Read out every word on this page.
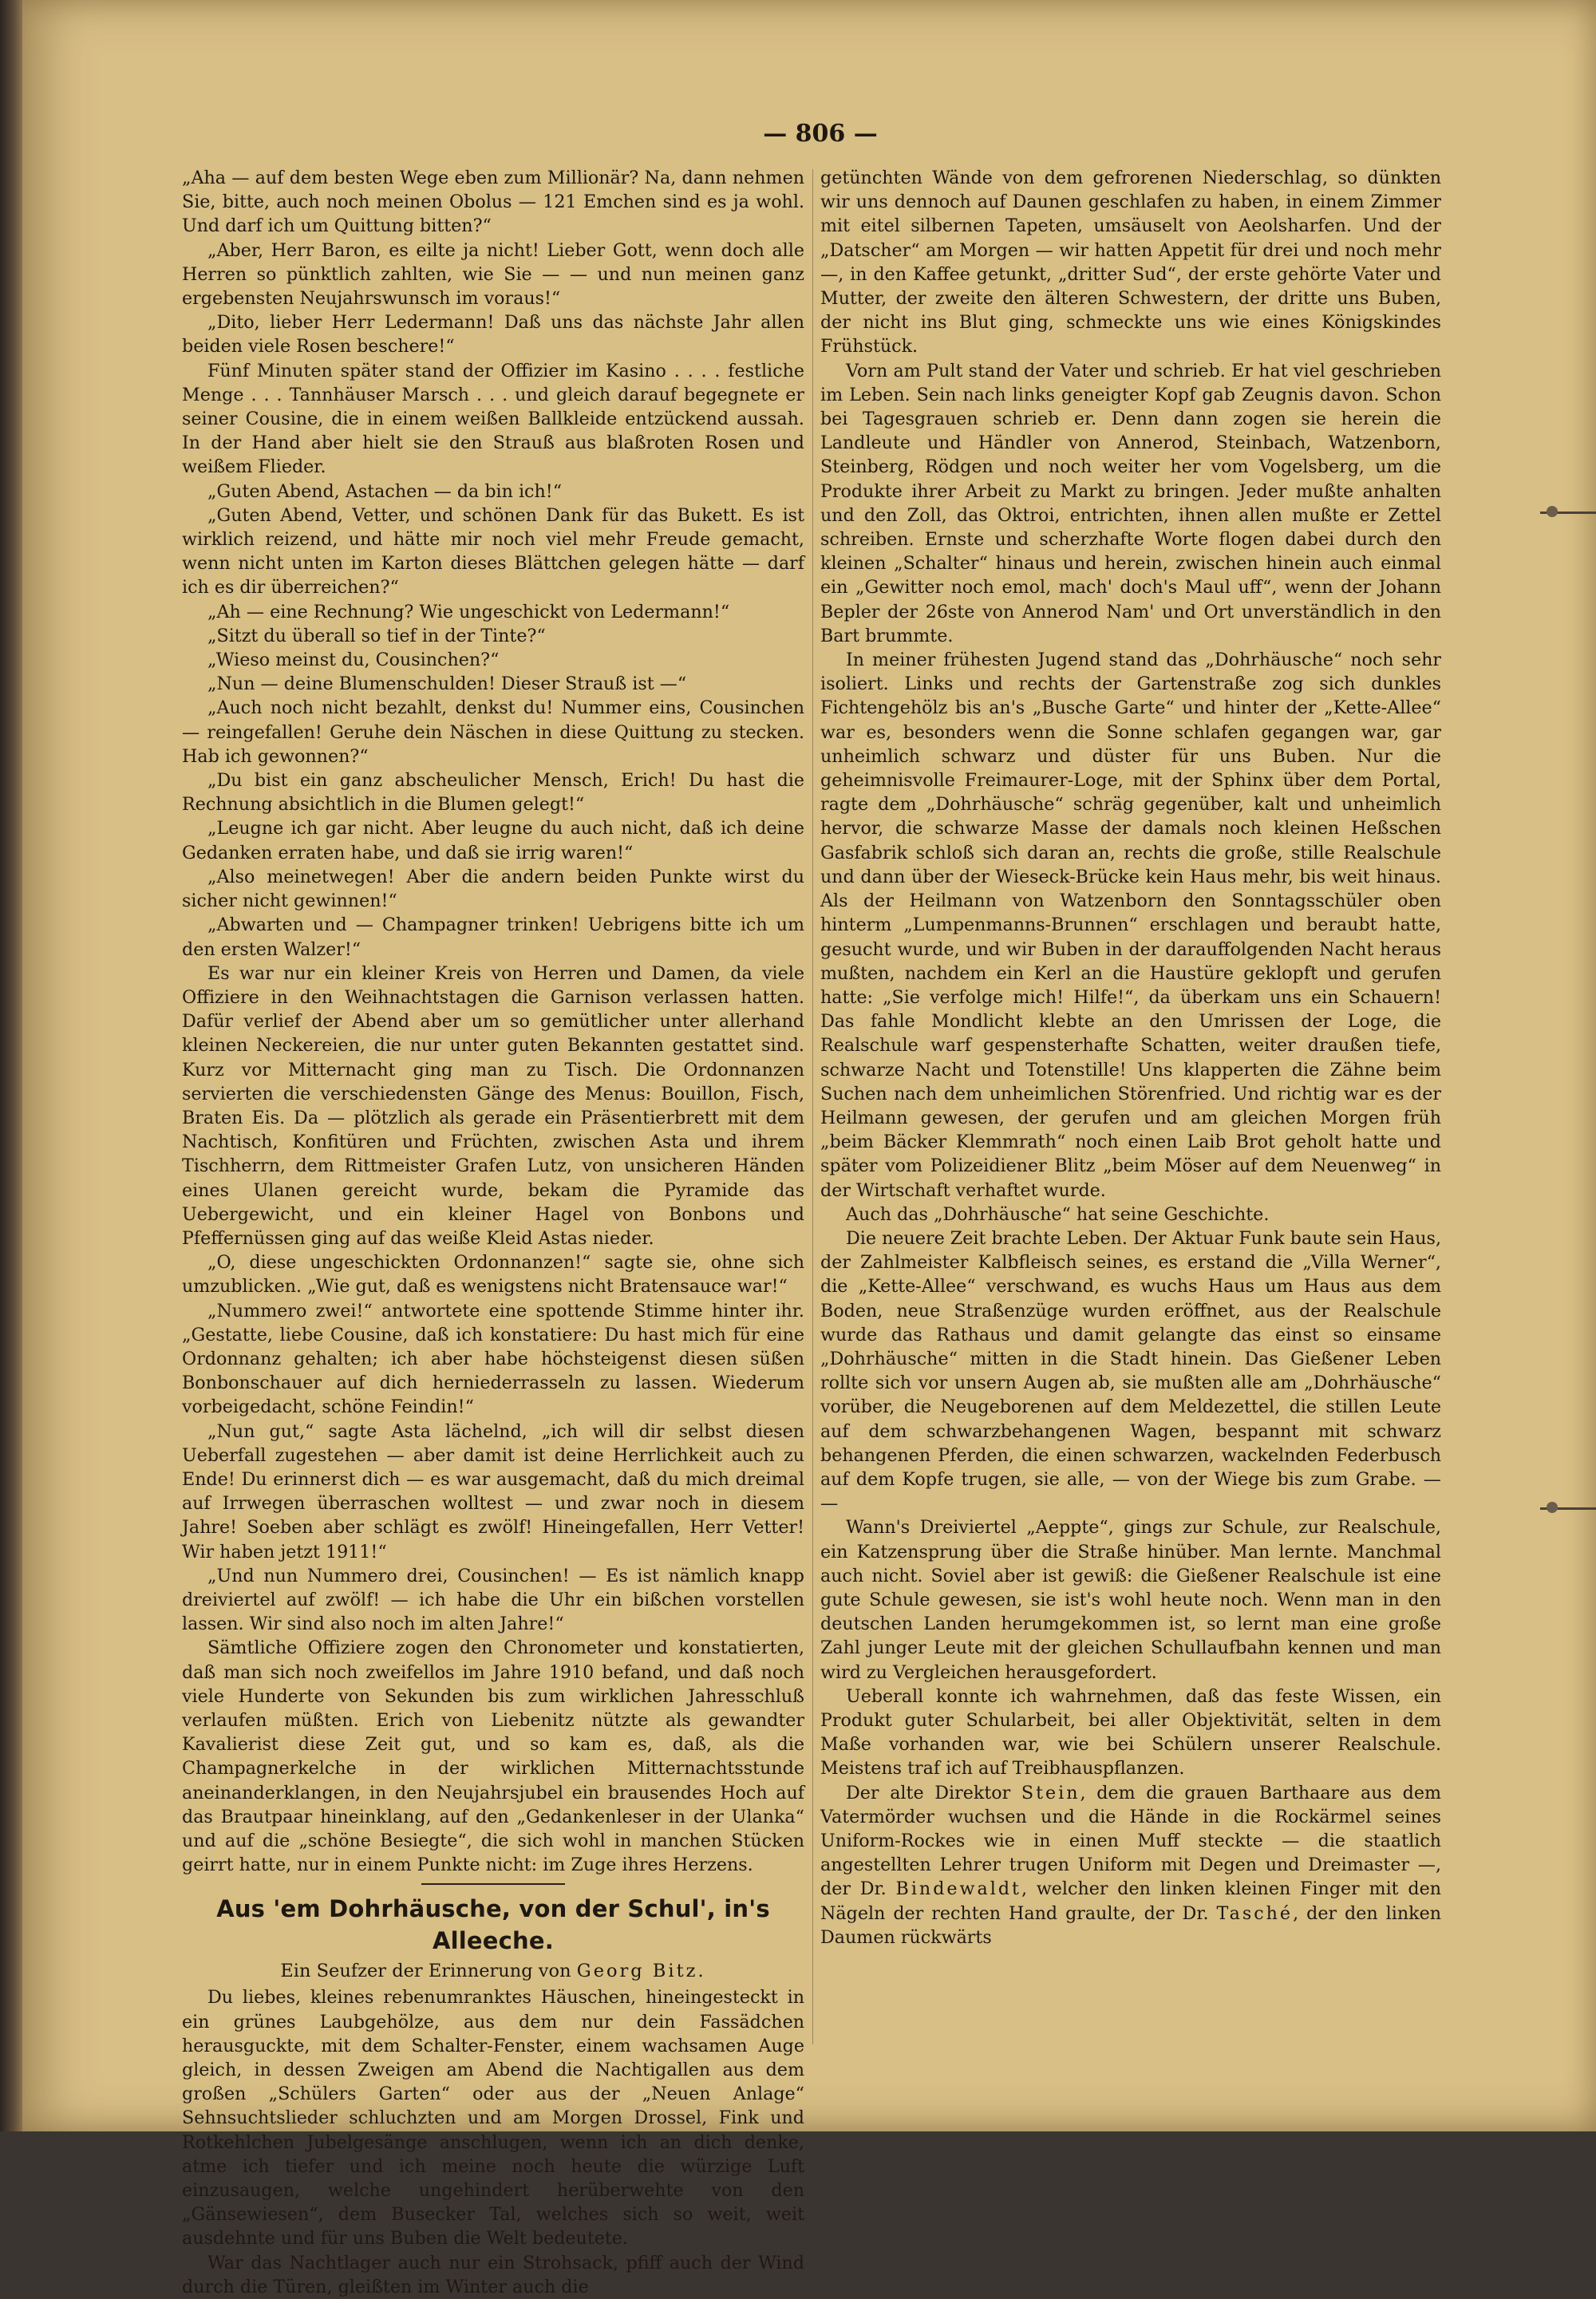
— 806 —

„Aha — auf dem besten Wege eben zum Millionär? Na, dann nehmen Sie, bitte, auch noch meinen Obolus — 121 Emchen sind es ja wohl. Und darf ich um Quittung bitten?“

„Aber, Herr Baron, es eilte ja nicht! Lieber Gott, wenn doch alle Herren so pünktlich zahlten, wie Sie — — und nun meinen ganz ergebensten Neujahrswunsch im voraus!“

„Dito, lieber Herr Ledermann! Daß uns das nächste Jahr allen beiden viele Rosen beschere!“

Fünf Minuten später stand der Offizier im Kasino . . . . festliche Menge . . . Tannhäuser Marsch . . . und gleich darauf begegnete er seiner Cousine, die in einem weißen Ballkleide entzückend aussah. In der Hand aber hielt sie den Strauß aus blaßroten Rosen und weißem Flieder.

„Guten Abend, Astachen — da bin ich!“

„Guten Abend, Vetter, und schönen Dank für das Bukett. Es ist wirklich reizend, und hätte mir noch viel mehr Freude gemacht, wenn nicht unten im Karton dieses Blättchen gelegen hätte — darf ich es dir überreichen?“

„Ah — eine Rechnung? Wie ungeschickt von Ledermann!“

„Sitzt du überall so tief in der Tinte?“

„Wieso meinst du, Cousinchen?“

„Nun — deine Blumenschulden! Dieser Strauß ist —“

„Auch noch nicht bezahlt, denkst du! Nummer eins, Cousinchen — reingefallen! Geruhe dein Näschen in diese Quittung zu stecken. Hab ich gewonnen?“

„Du bist ein ganz abscheulicher Mensch, Erich! Du hast die Rechnung absichtlich in die Blumen gelegt!“

„Leugne ich gar nicht. Aber leugne du auch nicht, daß ich deine Gedanken erraten habe, und daß sie irrig waren!“

„Also meinetwegen! Aber die andern beiden Punkte wirst du sicher nicht gewinnen!“

„Abwarten und — Champagner trinken! Uebrigens bitte ich um den ersten Walzer!“

Es war nur ein kleiner Kreis von Herren und Damen, da viele Offiziere in den Weihnachtstagen die Garnison verlassen hatten. Dafür verlief der Abend aber um so gemütlicher unter allerhand kleinen Neckereien, die nur unter guten Bekannten gestattet sind. Kurz vor Mitternacht ging man zu Tisch. Die Ordonnanzen servierten die verschiedensten Gänge des Menus: Bouillon, Fisch, Braten Eis. Da — plötzlich als gerade ein Präsentierbrett mit dem Nachtisch, Konfitüren und Früchten, zwischen Asta und ihrem Tischherrn, dem Rittmeister Grafen Lutz, von unsicheren Händen eines Ulanen gereicht wurde, bekam die Pyramide das Uebergewicht, und ein kleiner Hagel von Bonbons und Pfeffernüssen ging auf das weiße Kleid Astas nieder.

„O, diese ungeschickten Ordonnanzen!“ sagte sie, ohne sich umzublicken. „Wie gut, daß es wenigstens nicht Bratensauce war!“

„Nummero zwei!“ antwortete eine spottende Stimme hinter ihr. „Gestatte, liebe Cousine, daß ich konstatiere: Du hast mich für eine Ordonnanz gehalten; ich aber habe höchsteigenst diesen süßen Bonbonschauer auf dich herniederrasseln zu lassen. Wiederum vorbeigedacht, schöne Feindin!“

„Nun gut,“ sagte Asta lächelnd, „ich will dir selbst diesen Ueberfall zugestehen — aber damit ist deine Herrlichkeit auch zu Ende! Du erinnerst dich — es war ausgemacht, daß du mich dreimal auf Irrwegen überraschen wolltest — und zwar noch in diesem Jahre! Soeben aber schlägt es zwölf! Hineingefallen, Herr Vetter! Wir haben jetzt 1911!“

„Und nun Nummero drei, Cousinchen! — Es ist nämlich knapp dreiviertel auf zwölf! — ich habe die Uhr ein bißchen vorstellen lassen. Wir sind also noch im alten Jahre!“

Sämtliche Offiziere zogen den Chronometer und konstatierten, daß man sich noch zweifellos im Jahre 1910 befand, und daß noch viele Hunderte von Sekunden bis zum wirklichen Jahresschluß verlaufen müßten. Erich von Liebenitz nützte als gewandter Kavalierist diese Zeit gut, und so kam es, daß, als die Champagnerkelche in der wirklichen Mitternachtsstunde aneinanderklangen, in den Neujahrsjubel ein brausendes Hoch auf das Brautpaar hineinklang, auf den „Gedankenleser in der Ulanka“ und auf die „schöne Besiegte“, die sich wohl in manchen Stücken geirrt hatte, nur in einem Punkte nicht: im Zuge ihres Herzens.

Aus 'em Dohrhäusche, von der Schul', in's Alleeche.
Ein Seufzer der Erinnerung von Georg Bitz.

Du liebes, kleines rebenumranktes Häuschen, hineingesteckt in ein grünes Laubgehölze, aus dem nur dein Fassädchen herausguckte, mit dem Schalter-Fenster, einem wachsamen Auge gleich, in dessen Zweigen am Abend die Nachtigallen aus dem großen „Schülers Garten“ oder aus der „Neuen Anlage“ Sehnsuchtslieder schluchzten und am Morgen Drossel, Fink und Rotkehlchen Jubelgesänge anschlugen, wenn ich an dich denke, atme ich tiefer und ich meine noch heute die würzige Luft einzusaugen, welche ungehindert herüberwehte von den „Gänsewiesen“, dem Busecker Tal, welches sich so weit, weit ausdehnte und für uns Buben die Welt bedeutete.

War das Nachtlager auch nur ein Strohsack, pfiff auch der Wind durch die Türen, gleißten im Winter auch die

getünchten Wände von dem gefrorenen Niederschlag, so dünkten wir uns dennoch auf Daunen geschlafen zu haben, in einem Zimmer mit eitel silbernen Tapeten, umsäuselt von Aeolsharfen. Und der „Datscher“ am Morgen — wir hatten Appetit für drei und noch mehr —, in den Kaffee getunkt, „dritter Sud“, der erste gehörte Vater und Mutter, der zweite den älteren Schwestern, der dritte uns Buben, der nicht ins Blut ging, schmeckte uns wie eines Königskindes Frühstück.

Vorn am Pult stand der Vater und schrieb. Er hat viel geschrieben im Leben. Sein nach links geneigter Kopf gab Zeugnis davon. Schon bei Tagesgrauen schrieb er. Denn dann zogen sie herein die Landleute und Händler von Annerod, Steinbach, Watzenborn, Steinberg, Rödgen und noch weiter her vom Vogelsberg, um die Produkte ihrer Arbeit zu Markt zu bringen. Jeder mußte anhalten und den Zoll, das Oktroi, entrichten, ihnen allen mußte er Zettel schreiben. Ernste und scherzhafte Worte flogen dabei durch den kleinen „Schalter“ hinaus und herein, zwischen hinein auch einmal ein „Gewitter noch emol, mach' doch's Maul uff“, wenn der Johann Bepler der 26ste von Annerod Nam' und Ort unverständlich in den Bart brummte.

In meiner frühesten Jugend stand das „Dohrhäusche“ noch sehr isoliert. Links und rechts der Gartenstraße zog sich dunkles Fichtengehölz bis an's „Busche Garte“ und hinter der „Kette-Allee“ war es, besonders wenn die Sonne schlafen gegangen war, gar unheimlich schwarz und düster für uns Buben. Nur die geheimnisvolle Freimaurer-Loge, mit der Sphinx über dem Portal, ragte dem „Dohrhäusche“ schräg gegenüber, kalt und unheimlich hervor, die schwarze Masse der damals noch kleinen Heßschen Gasfabrik schloß sich daran an, rechts die große, stille Realschule und dann über der Wieseck-Brücke kein Haus mehr, bis weit hinaus. Als der Heilmann von Watzenborn den Sonntagsschüler oben hinterm „Lumpenmanns-Brunnen“ erschlagen und beraubt hatte, gesucht wurde, und wir Buben in der darauffolgenden Nacht heraus mußten, nachdem ein Kerl an die Haustüre geklopft und gerufen hatte: „Sie verfolge mich! Hilfe!“, da überkam uns ein Schauern! Das fahle Mondlicht klebte an den Umrissen der Loge, die Realschule warf gespensterhafte Schatten, weiter draußen tiefe, schwarze Nacht und Totenstille! Uns klapperten die Zähne beim Suchen nach dem unheimlichen Störenfried. Und richtig war es der Heilmann gewesen, der gerufen und am gleichen Morgen früh „beim Bäcker Klemmrath“ noch einen Laib Brot geholt hatte und später vom Polizeidiener Blitz „beim Möser auf dem Neuenweg“ in der Wirtschaft verhaftet wurde.

Auch das „Dohrhäusche“ hat seine Geschichte.

Die neuere Zeit brachte Leben. Der Aktuar Funk baute sein Haus, der Zahlmeister Kalbfleisch seines, es erstand die „Villa Werner“, die „Kette-Allee“ verschwand, es wuchs Haus um Haus aus dem Boden, neue Straßenzüge wurden eröffnet, aus der Realschule wurde das Rathaus und damit gelangte das einst so einsame „Dohrhäusche“ mitten in die Stadt hinein. Das Gießener Leben rollte sich vor unsern Augen ab, sie mußten alle am „Dohrhäusche“ vorüber, die Neugeborenen auf dem Meldezettel, die stillen Leute auf dem schwarzbehangenen Wagen, bespannt mit schwarz behangenen Pferden, die einen schwarzen, wackelnden Federbusch auf dem Kopfe trugen, sie alle, — von der Wiege bis zum Grabe. — —

Wann's Dreiviertel „Aeppte“, gings zur Schule, zur Realschule, ein Katzensprung über die Straße hinüber. Man lernte. Manchmal auch nicht. Soviel aber ist gewiß: die Gießener Realschule ist eine gute Schule gewesen, sie ist's wohl heute noch. Wenn man in den deutschen Landen herumgekommen ist, so lernt man eine große Zahl junger Leute mit der gleichen Schullaufbahn kennen und man wird zu Vergleichen herausgefordert.

Ueberall konnte ich wahrnehmen, daß das feste Wissen, ein Produkt guter Schularbeit, bei aller Objektivität, selten in dem Maße vorhanden war, wie bei Schülern unserer Realschule. Meistens traf ich auf Treibhauspflanzen.

Der alte Direktor Stein, dem die grauen Barthaare aus dem Vatermörder wuchsen und die Hände in die Rockärmel seines Uniform-Rockes wie in einen Muff steckte — die staatlich angestellten Lehrer trugen Uniform mit Degen und Dreimaster —, der Dr. Bindewaldt, welcher den linken kleinen Finger mit den Nägeln der rechten Hand graulte, der Dr. Tasché, der den linken Daumen rückwärts
